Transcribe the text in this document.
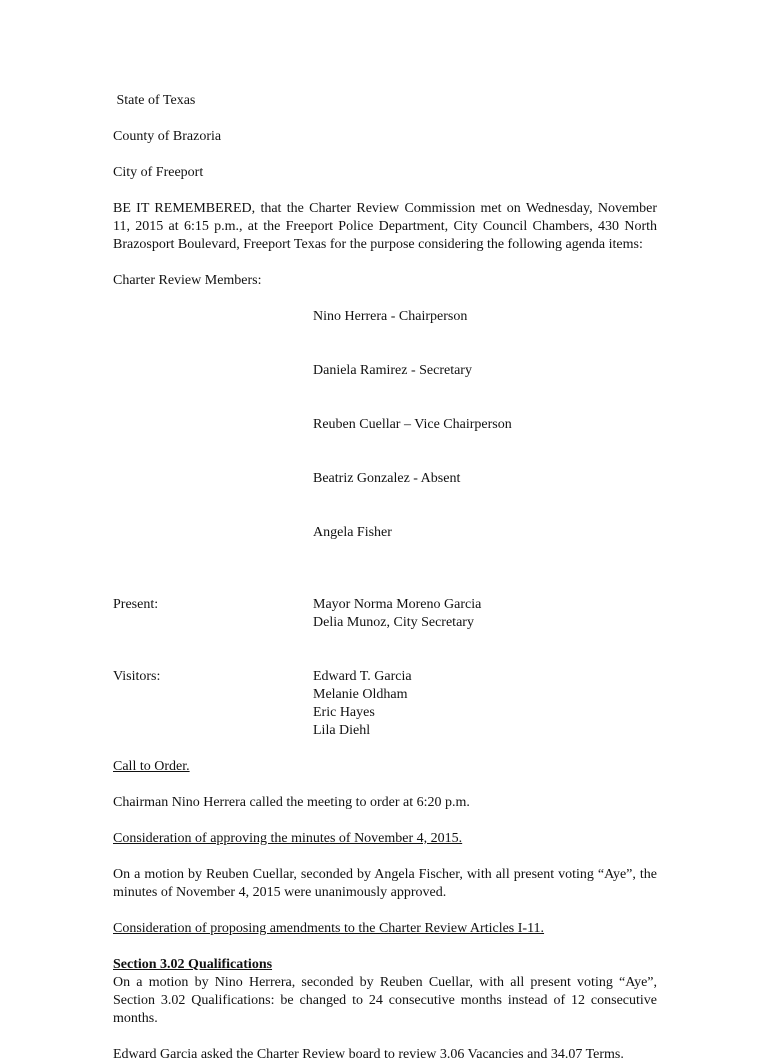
State of Texas

County of Brazoria

City of Freeport

BE IT REMEMBERED, that the Charter Review Commission met on Wednesday, November 11, 2015 at 6:15 p.m., at the Freeport Police Department, City Council Chambers, 430 North Brazosport Boulevard, Freeport Texas for the purpose considering the following agenda items:

Charter Review Members:

Nino Herrera - Chairperson

Daniela Ramirez - Secretary

Reuben Cuellar – Vice Chairperson

Beatriz Gonzalez - Absent

Angela Fisher

Present:	Mayor Norma Moreno Garcia
Delia Munoz, City Secretary
Visitors:	Edward T. Garcia
Melanie Oldham
Eric Hayes
Lila Diehl

Call to Order.

Chairman Nino Herrera called the meeting to order at 6:20 p.m.

Consideration of approving the minutes of November 4, 2015.

On a motion by Reuben Cuellar, seconded by Angela Fischer, with all present voting “Aye”, the minutes of November 4, 2015 were unanimously approved.

Consideration of proposing amendments to the Charter Review Articles I-11.

Section 3.02 Qualifications

On a motion by Nino Herrera, seconded by Reuben Cuellar, with all present voting “Aye”, Section 3.02 Qualifications: be changed to 24 consecutive months instead of 12 consecutive months.

Edward Garcia asked the Charter Review board to review 3.06 Vacancies and 34.07 Terms.
